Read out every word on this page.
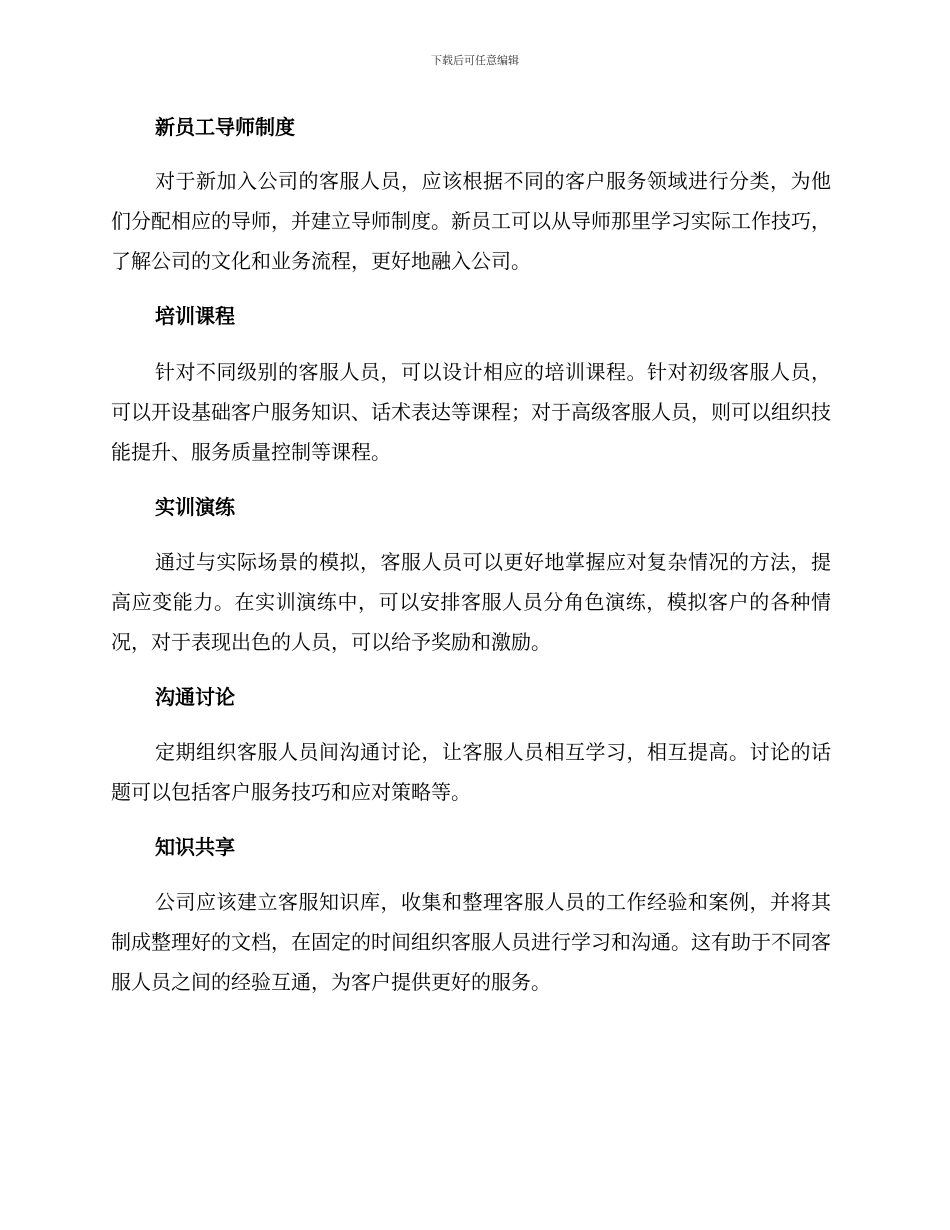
下载后可任意编辑
新员工导师制度

对于新加入公司的客服人员，应该根据不同的客户服务领域进行分类，为他们分配相应的导师，并建立导师制度。新员工可以从导师那里学习实际工作技巧，了解公司的文化和业务流程，更好地融入公司。

培训课程

针对不同级别的客服人员，可以设计相应的培训课程。针对初级客服人员，可以开设基础客户服务知识、话术表达等课程；对于高级客服人员，则可以组织技能提升、服务质量控制等课程。

实训演练

通过与实际场景的模拟，客服人员可以更好地掌握应对复杂情况的方法，提高应变能力。在实训演练中，可以安排客服人员分角色演练，模拟客户的各种情况，对于表现出色的人员，可以给予奖励和激励。

沟通讨论

定期组织客服人员间沟通讨论，让客服人员相互学习，相互提高。讨论的话题可以包括客户服务技巧和应对策略等。

知识共享

公司应该建立客服知识库，收集和整理客服人员的工作经验和案例，并将其制成整理好的文档，在固定的时间组织客服人员进行学习和沟通。这有助于不同客服人员之间的经验互通，为客户提供更好的服务。
